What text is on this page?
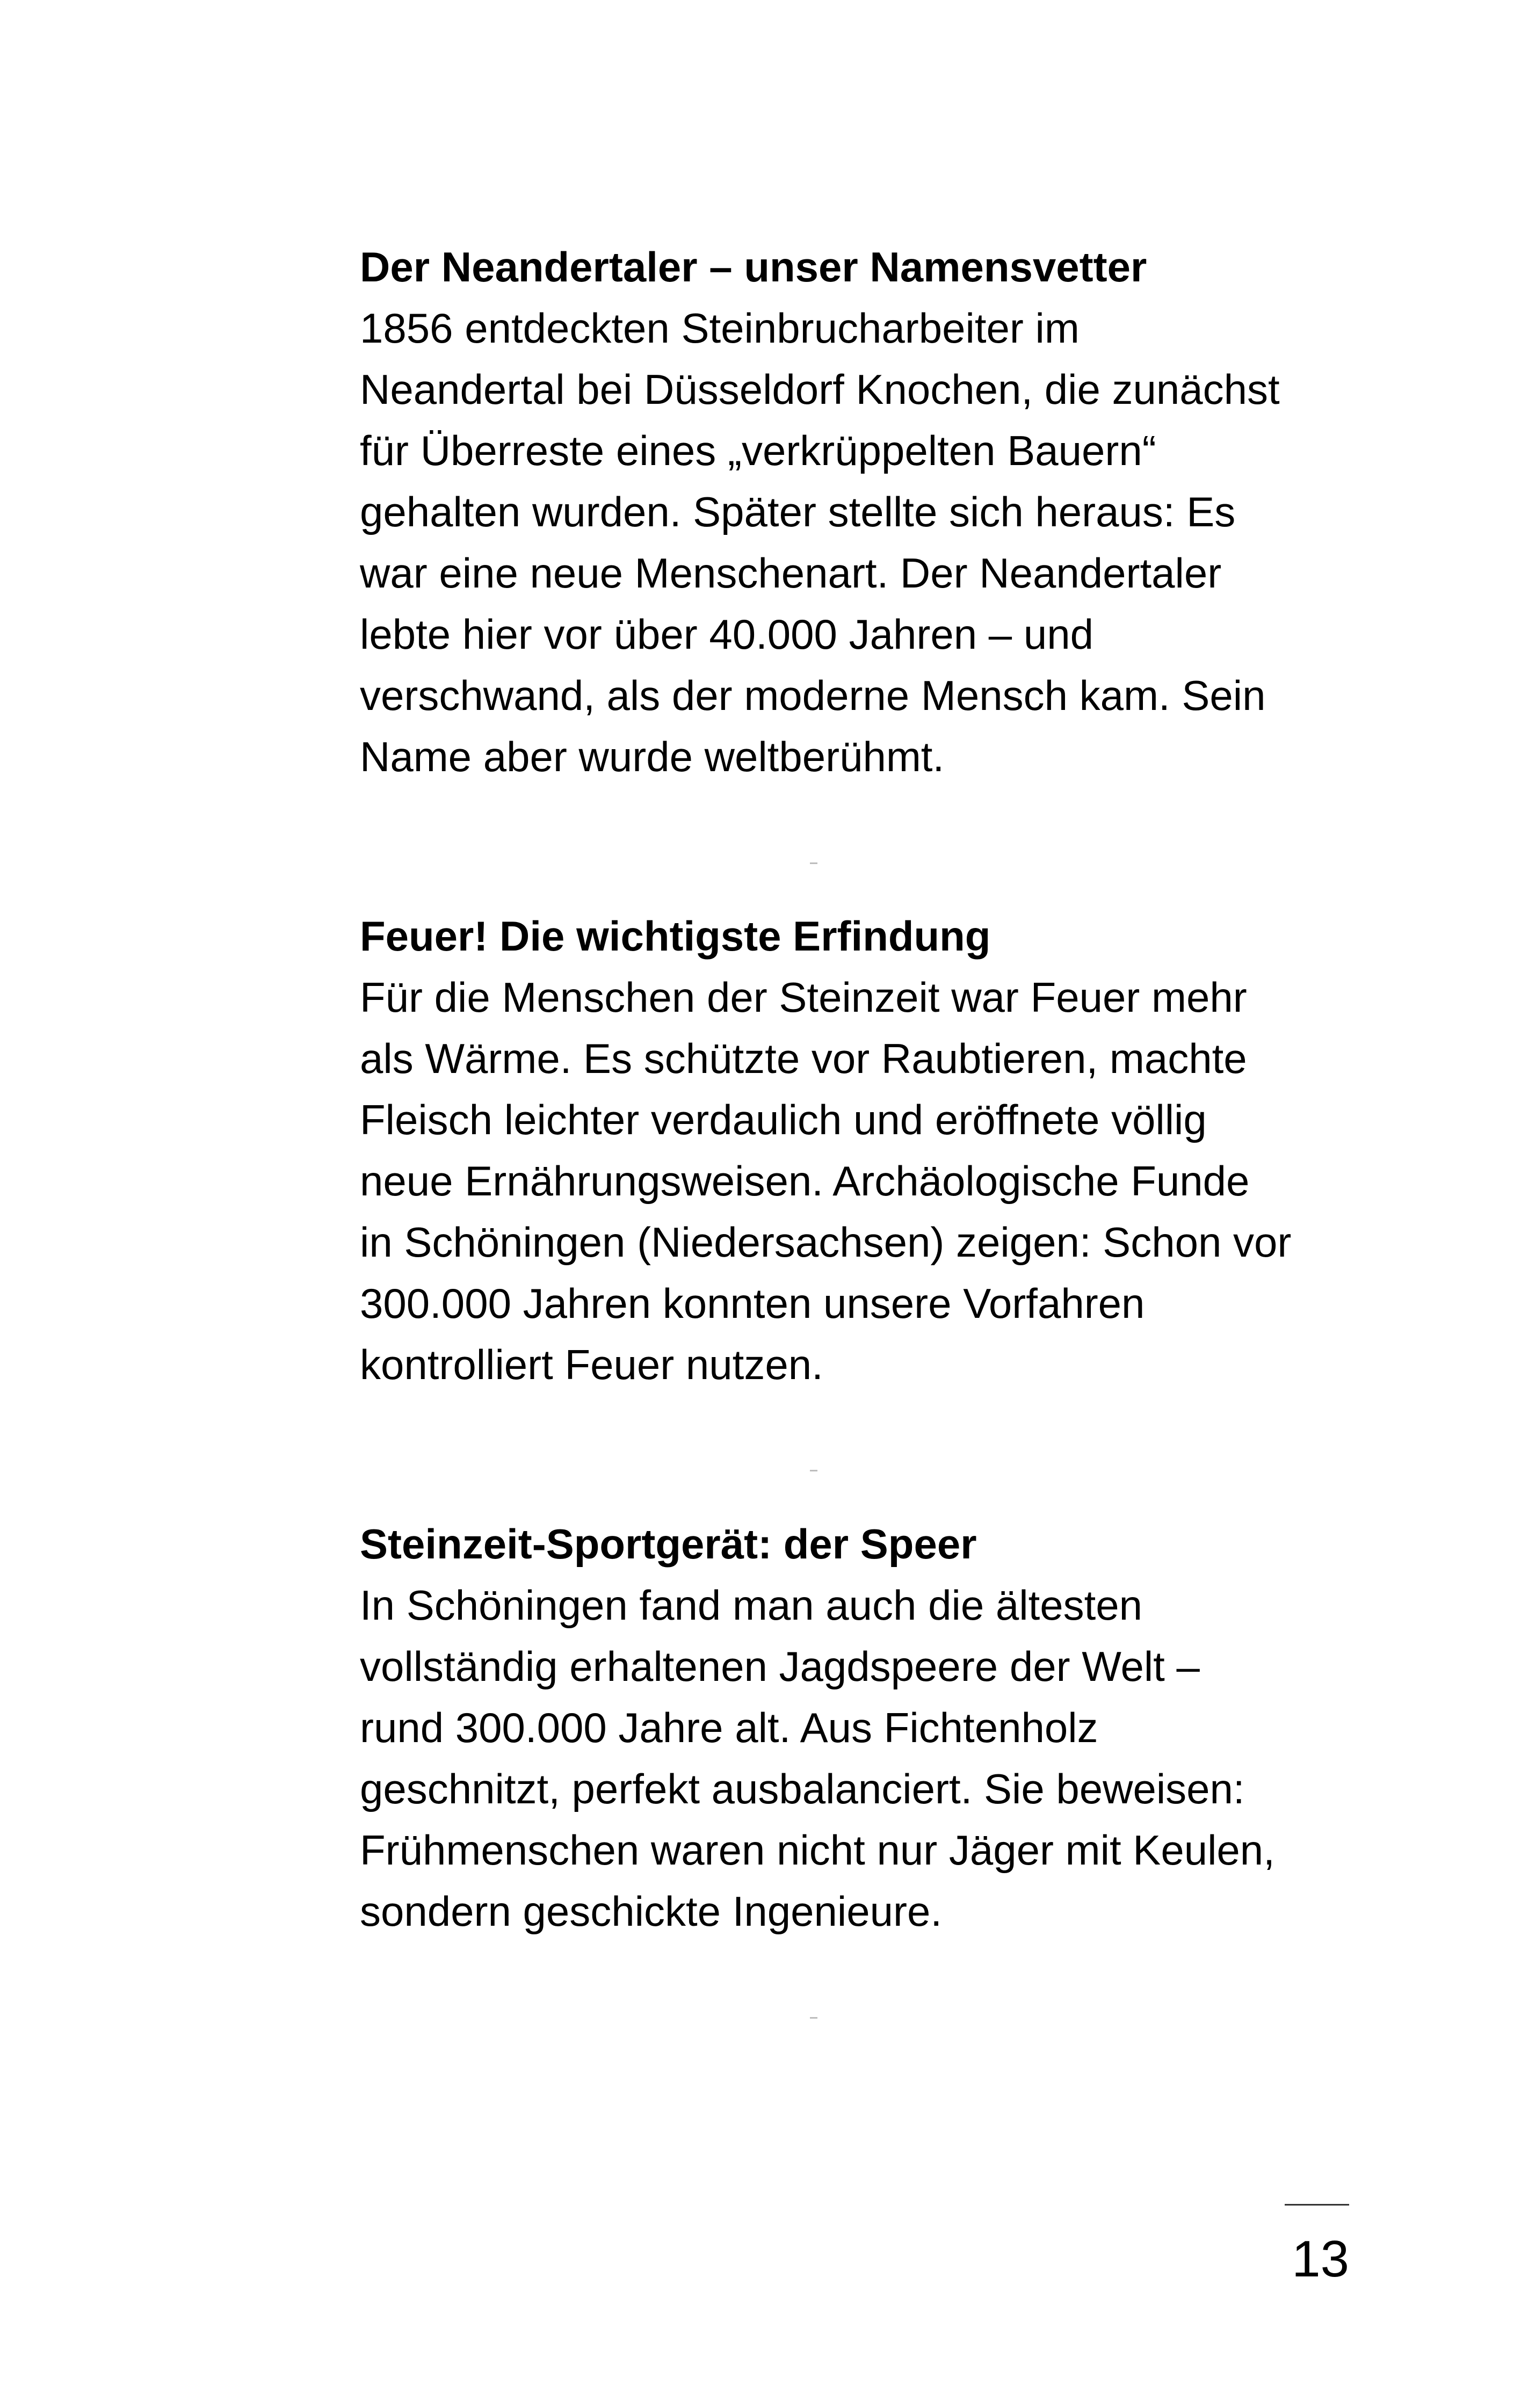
Der Neandertaler – unser Namensvetter

1856 entdeckten Steinbrucharbeiter im

Neandertal bei Düsseldorf Knochen, die zunächst

für Überreste eines „verkrüppelten Bauern“

gehalten wurden. Später stellte sich heraus: Es

war eine neue Menschenart. Der Neandertaler

lebte hier vor über 40.000 Jahren – und

verschwand, als der moderne Mensch kam. Sein

Name aber wurde weltberühmt.

Feuer! Die wichtigste Erfindung

Für die Menschen der Steinzeit war Feuer mehr

als Wärme. Es schützte vor Raubtieren, machte

Fleisch leichter verdaulich und eröffnete völlig

neue Ernährungsweisen. Archäologische Funde

in Schöningen (Niedersachsen) zeigen: Schon vor

300.000 Jahren konnten unsere Vorfahren

kontrolliert Feuer nutzen.

Steinzeit-Sportgerät: der Speer

In Schöningen fand man auch die ältesten

vollständig erhaltenen Jagdspeere der Welt –

rund 300.000 Jahre alt. Aus Fichtenholz

geschnitzt, perfekt ausbalanciert. Sie beweisen:

Frühmenschen waren nicht nur Jäger mit Keulen,

sondern geschickte Ingenieure.

13
